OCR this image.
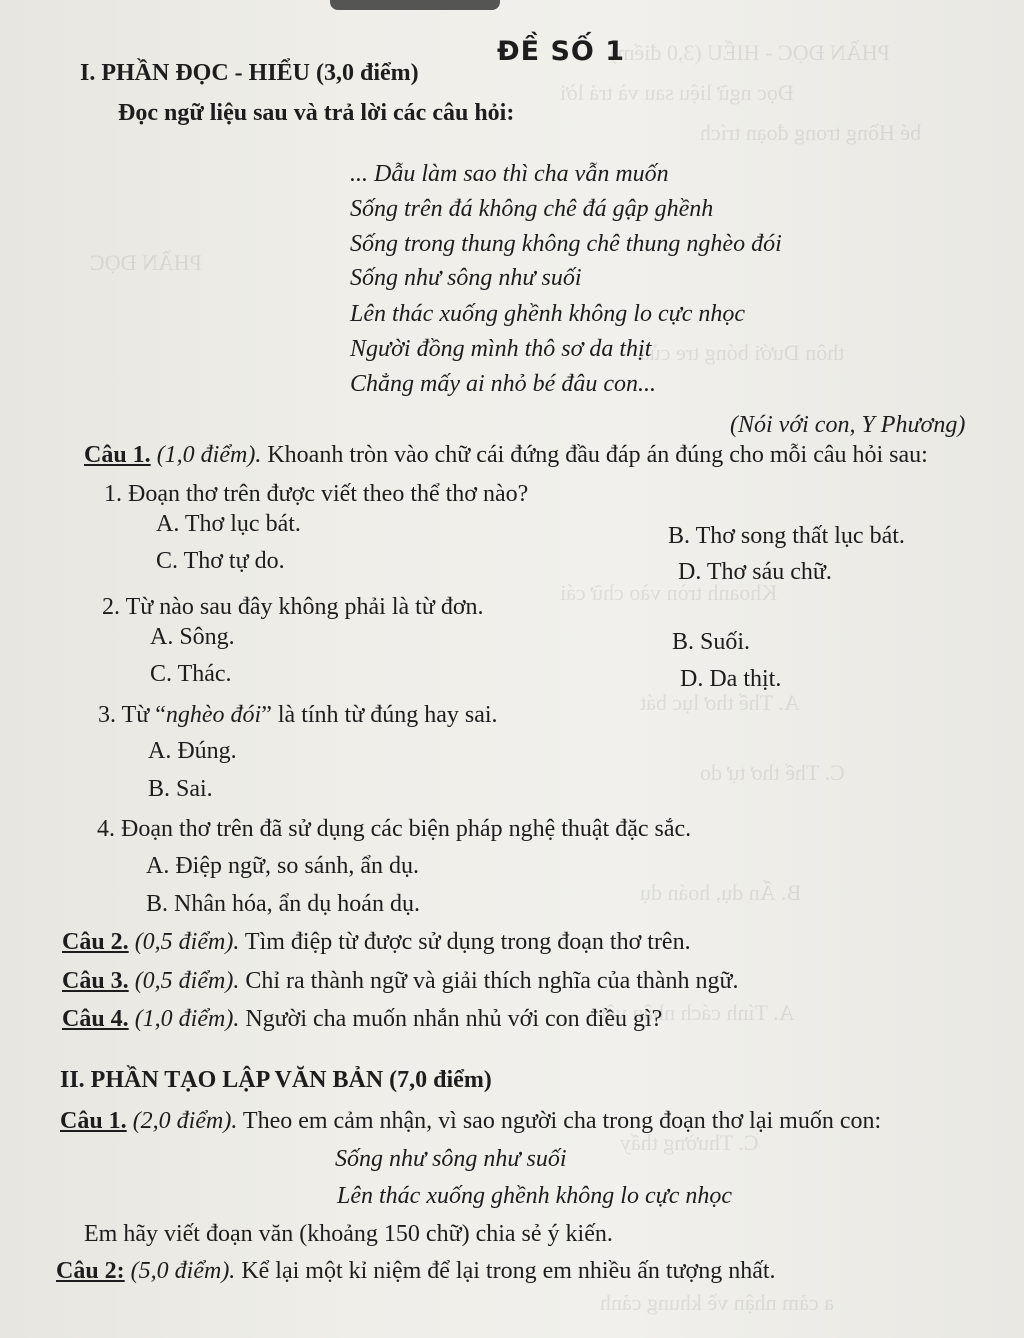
PHẦN ĐỌC - HIỂU (3,0 điểm)
Đọc ngữ liệu sau và trả lời
bé Hồng trong đoạn trích
PHẦN ĐỌC
thôn Dưới bóng tre của
Khoanh tròn vào chữ cái
A. Thể thơ lục bát
C. Thể thơ tự do
B. Ẩn dụ, hoán dụ
A. Tính cách nhân vật
C. Thường thấy
a cảm nhận về khung cảnh
ĐỀ SỐ 1
I. PHẦN ĐỌC - HIỂU (3,0 điểm)
Đọc ngữ liệu sau và trả lời các câu hỏi:
... Dẫu làm sao thì cha vẫn muốn
Sống trên đá không chê đá gập ghềnh
Sống trong thung không chê thung nghèo đói
Sống như sông như suối
Lên thác xuống ghềnh không lo cực nhọc
Người đồng mình thô sơ da thịt
Chẳng mấy ai nhỏ bé đâu con...
(Nói với con, Y Phương)
Câu 1. (1,0 điểm). Khoanh tròn vào chữ cái đứng đầu đáp án đúng cho mỗi câu hỏi sau:
1. Đoạn thơ trên được viết theo thể thơ nào?
A. Thơ lục bát.	B. Thơ song thất lục bát.
C. Thơ tự do.	D. Thơ sáu chữ.
2. Từ nào sau đây không phải là từ đơn.
A. Sông.	B. Suối.
C. Thác.	D. Da thịt.
3. Từ “nghèo đói” là tính từ đúng hay sai.
A. Đúng.
B. Sai.
4. Đoạn thơ trên đã sử dụng các biện pháp nghệ thuật đặc sắc.
A. Điệp ngữ, so sánh, ẩn dụ.
B. Nhân hóa, ẩn dụ hoán dụ.
Câu 2. (0,5 điểm). Tìm điệp từ được sử dụng trong đoạn thơ trên.
Câu 3. (0,5 điểm). Chỉ ra thành ngữ và giải thích nghĩa của thành ngữ.
Câu 4. (1,0 điểm). Người cha muốn nhắn nhủ với con điều gì?
II. PHẦN TẠO LẬP VĂN BẢN (7,0 điểm)
Câu 1. (2,0 điểm). Theo em cảm nhận, vì sao người cha trong đoạn thơ lại muốn con:
Sống như sông như suối
Lên thác xuống ghềnh không lo cực nhọc
Em hãy viết đoạn văn (khoảng 150 chữ) chia sẻ ý kiến.
Câu 2: (5,0 điểm). Kể lại một kỉ niệm để lại trong em nhiều ấn tượng nhất.
